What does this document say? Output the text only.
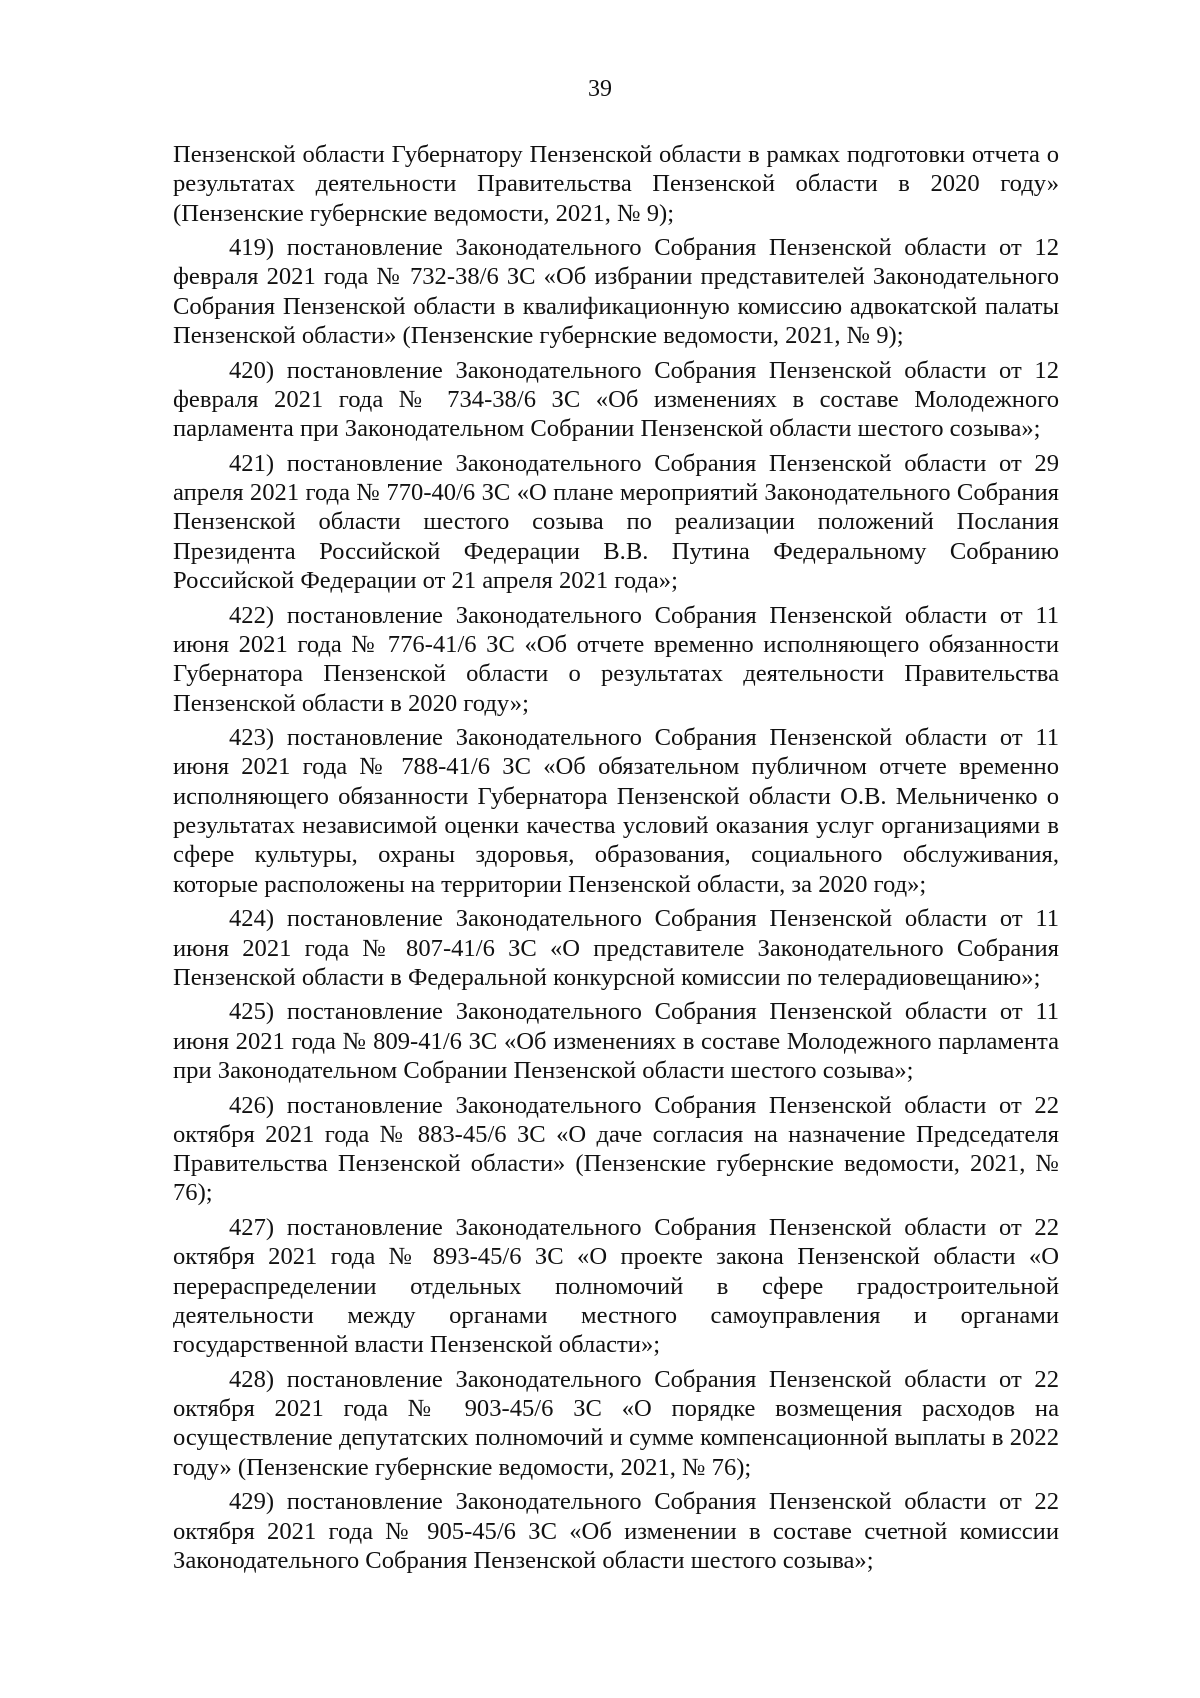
39

Пензенской области Губернатору Пензенской области в рамках подготовки отчета о результатах деятельности Правительства Пензенской области в 2020 году» (Пензенские губернские ведомости, 2021, № 9);

419) постановление Законодательного Собрания Пензенской области от 12 февраля 2021 года № 732-38/6 ЗС «Об избрании представителей Законодательного Собрания Пензенской области в квалификационную комиссию адвокатской палаты Пензенской области» (Пензенские губернские ведомости, 2021, № 9);

420) постановление Законодательного Собрания Пензенской области от 12 февраля 2021 года № 734-38/6 ЗС «Об изменениях в составе Молодежного парламента при Законодательном Собрании Пензенской области шестого созыва»;

421) постановление Законодательного Собрания Пензенской области от 29 апреля 2021 года № 770-40/6 ЗС «О плане мероприятий Законодательного Собрания Пензенской области шестого созыва по реализации положений Послания Президента Российской Федерации В.В. Путина Федеральному Собранию Российской Федерации от 21 апреля 2021 года»;

422) постановление Законодательного Собрания Пензенской области от 11 июня 2021 года № 776-41/6 ЗС «Об отчете временно исполняющего обязанности Губернатора Пензенской области о результатах деятельности Правительства Пензенской области в 2020 году»;

423) постановление Законодательного Собрания Пензенской области от 11 июня 2021 года № 788-41/6 ЗС «Об обязательном публичном отчете временно исполняющего обязанности Губернатора Пензенской области О.В. Мельниченко о результатах независимой оценки качества условий оказания услуг организациями в сфере культуры, охраны здоровья, образования, социального обслуживания, которые расположены на территории Пензенской области, за 2020 год»;

424) постановление Законодательного Собрания Пензенской области от 11 июня 2021 года № 807-41/6 ЗС «О представителе Законодательного Собрания Пензенской области в Федеральной конкурсной комиссии по телерадиовещанию»;

425) постановление Законодательного Собрания Пензенской области от 11 июня 2021 года № 809-41/6 ЗС «Об изменениях в составе Молодежного парламента при Законодательном Собрании Пензенской области шестого созыва»;

426) постановление Законодательного Собрания Пензенской области от 22 октября 2021 года № 883-45/6 ЗС «О даче согласия на назначение Председателя Правительства Пензенской области» (Пензенские губернские ведомости, 2021, № 76);

427) постановление Законодательного Собрания Пензенской области от 22 октября 2021 года № 893-45/6 ЗС «О проекте закона Пензенской области «О перераспределении отдельных полномочий в сфере градостроительной деятельности между органами местного самоуправления и органами государственной власти Пензенской области»;

428) постановление Законодательного Собрания Пензенской области от 22 октября 2021 года № 903-45/6 ЗС «О порядке возмещения расходов на осуществление депутатских полномочий и сумме компенсационной выплаты в 2022 году» (Пензенские губернские ведомости, 2021, № 76);

429) постановление Законодательного Собрания Пензенской области от 22 октября 2021 года № 905-45/6 ЗС «Об изменении в составе счетной комиссии Законодательного Собрания Пензенской области шестого созыва»;
